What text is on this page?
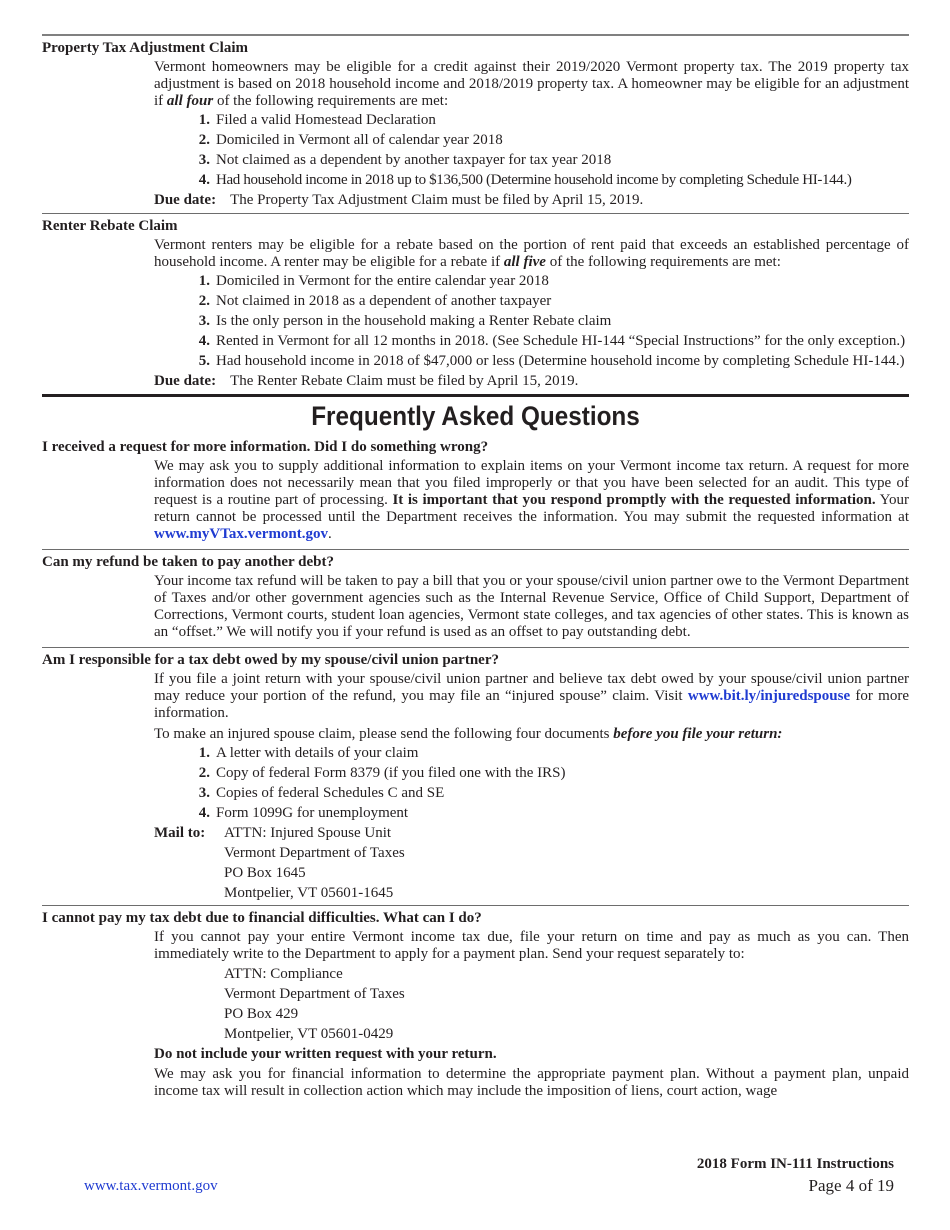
Property Tax Adjustment Claim

Vermont homeowners may be eligible for a credit against their 2019/2020 Vermont property tax. The 2019 property tax adjustment is based on 2018 household income and 2018/2019 property tax. A homeowner may be eligible for an adjustment if all four of the following requirements are met:

1. Filed a valid Homestead Declaration
2. Domiciled in Vermont all of calendar year 2018
3. Not claimed as a dependent by another taxpayer for tax year 2018
4. Had household income in 2018 up to $136,500 (Determine household income by completing Schedule HI-144.)
Due date: The Property Tax Adjustment Claim must be filed by April 15, 2019.
Renter Rebate Claim

Vermont renters may be eligible for a rebate based on the portion of rent paid that exceeds an established percentage of household income. A renter may be eligible for a rebate if all five of the following requirements are met:

1. Domiciled in Vermont for the entire calendar year 2018
2. Not claimed in 2018 as a dependent of another taxpayer
3. Is the only person in the household making a Renter Rebate claim
4. Rented in Vermont for all 12 months in 2018. (See Schedule HI-144 “Special Instructions” for the only exception.)
5. Had household income in 2018 of $47,000 or less (Determine household income by completing Schedule HI-144.)
Due date: The Renter Rebate Claim must be filed by April 15, 2019.
Frequently Asked Questions
I received a request for more information. Did I do something wrong?

We may ask you to supply additional information to explain items on your Vermont income tax return. A request for more information does not necessarily mean that you filed improperly or that you have been selected for an audit. This type of request is a routine part of processing. It is important that you respond promptly with the requested information. Your return cannot be processed until the Department receives the information. You may submit the requested information at www.myVTax.vermont.gov.

Can my refund be taken to pay another debt?

Your income tax refund will be taken to pay a bill that you or your spouse/civil union partner owe to the Vermont Department of Taxes and/or other government agencies such as the Internal Revenue Service, Office of Child Support, Department of Corrections, Vermont courts, student loan agencies, Vermont state colleges, and tax agencies of other states. This is known as an “offset.” We will notify you if your refund is used as an offset to pay outstanding debt.

Am I responsible for a tax debt owed by my spouse/civil union partner?

If you file a joint return with your spouse/civil union partner and believe tax debt owed by your spouse/civil union partner may reduce your portion of the refund, you may file an “injured spouse” claim. Visit www.bit.ly/injuredspouse for more information.

To make an injured spouse claim, please send the following four documents before you file your return:

1. A letter with details of your claim
2. Copy of federal Form 8379 (if you filed one with the IRS)
3. Copies of federal Schedules C and SE
4. Form 1099G for unemployment
Mail to:	ATTN: Injured Spouse Unit
Vermont Department of Taxes
PO Box 1645
Montpelier, VT 05601-1645
I cannot pay my tax debt due to financial difficulties. What can I do?

If you cannot pay your entire Vermont income tax due, file your return on time and pay as much as you can. Then immediately write to the Department to apply for a payment plan. Send your request separately to:

ATTN: Compliance
Vermont Department of Taxes
PO Box 429
Montpelier, VT 05601-0429

Do not include your written request with your return.

We may ask you for financial information to determine the appropriate payment plan. Without a payment plan, unpaid income tax will result in collection action which may include the imposition of liens, court action, wage

2018 Form IN-111 Instructions
www.tax.vermont.gov	Page 4 of 19
